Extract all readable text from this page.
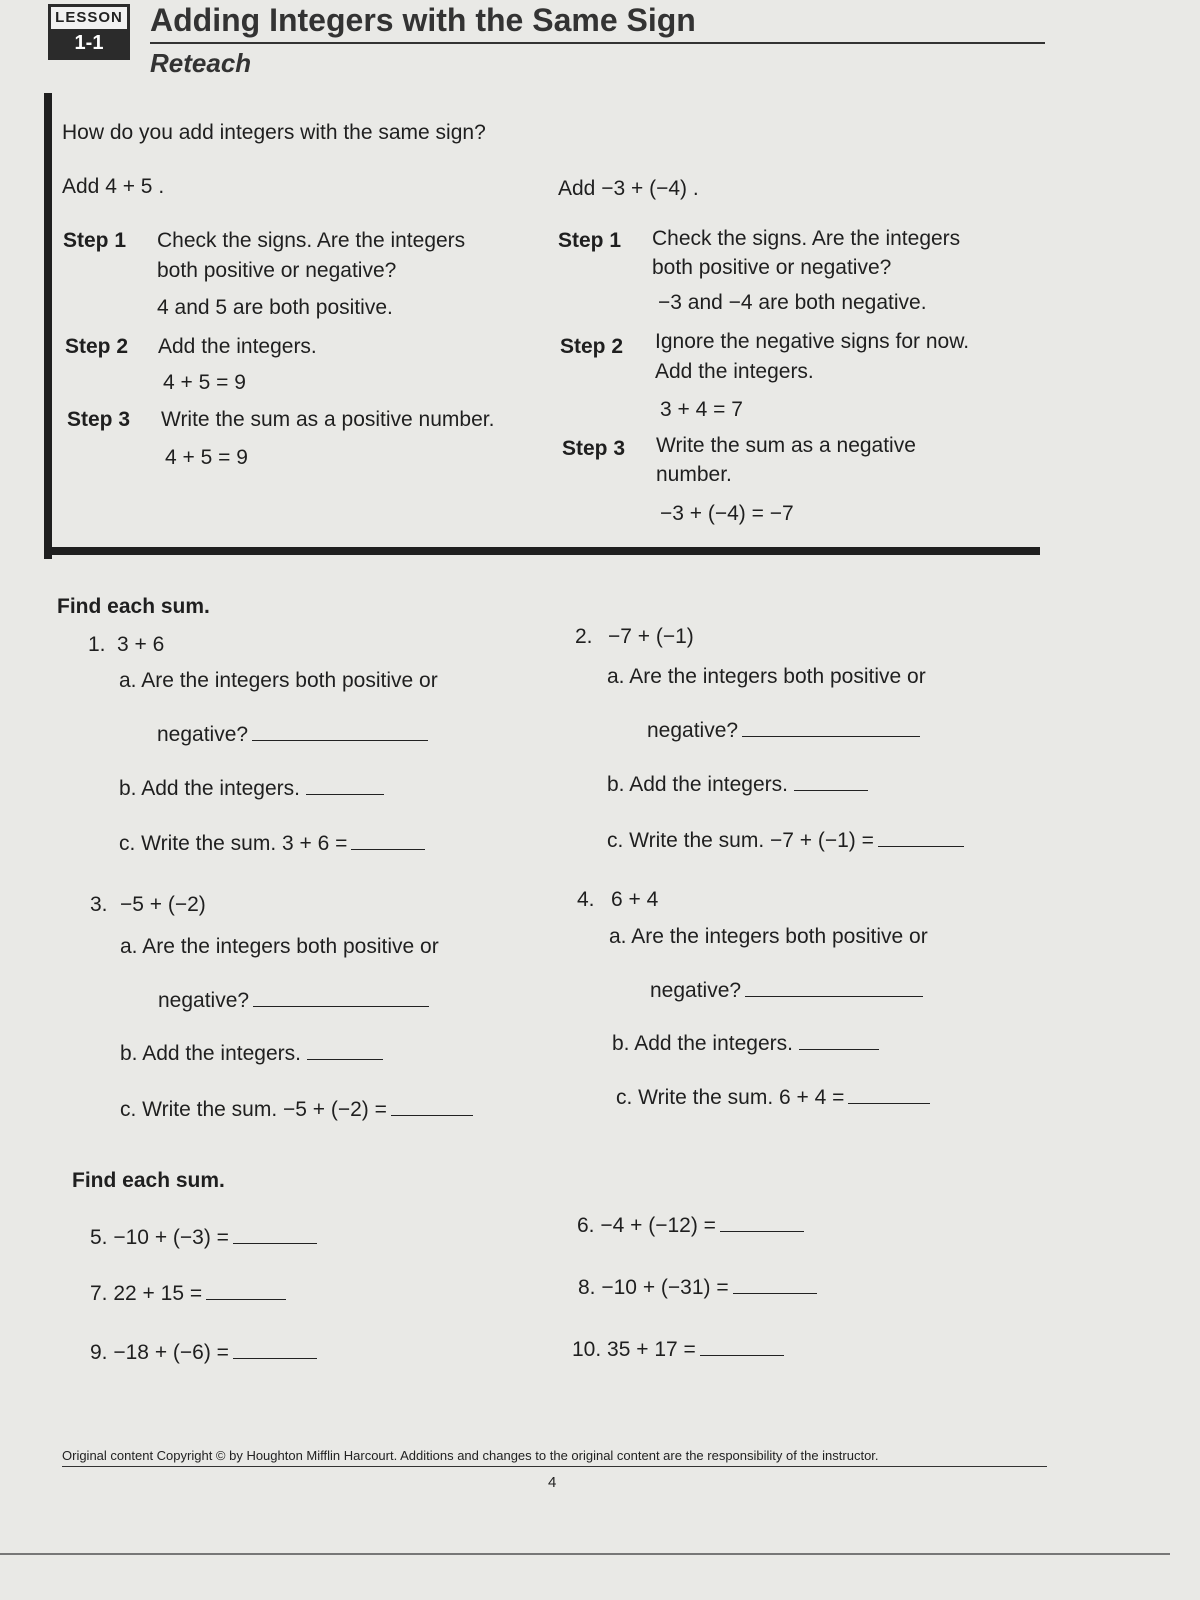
LESSON
1-1
Adding Integers with the Same Sign
Reteach
How do you add integers with the same sign?
Add 4 + 5 .
Step 1 Check the signs. Are the integers
both positive or negative?
4 and 5 are both positive.
Step 2 Add the integers.
4 + 5 = 9
Step 3 Write the sum as a positive number.
4 + 5 = 9
Add −3 + (−4) .
Step 1 Check the signs. Are the integers
both positive or negative?
−3 and −4 are both negative.
Step 2 Ignore the negative signs for now.
Add the integers.
3 + 4 = 7
Step 3 Write the sum as a negative
number.
−3 + (−4) = −7
Find each sum.
1. 3 + 6
a. Are the integers both positive or
negative?
b. Add the integers.
c. Write the sum. 3 + 6 =
2. −7 + (−1)
a. Are the integers both positive or
negative?
b. Add the integers.
c. Write the sum. −7 + (−1) =
3. −5 + (−2)
a. Are the integers both positive or
negative?
b. Add the integers.
c. Write the sum. −5 + (−2) =
4. 6 + 4
a. Are the integers both positive or
negative?
b. Add the integers.
c. Write the sum. 6 + 4 =
Find each sum.
5. −10 + (−3) =
6. −4 + (−12) =
7. 22 + 15 =	8. −10 + (−31) =
9. −18 + (−6) =	10. 35 + 17 =
Original content Copyright © by Houghton Mifflin Harcourt. Additions and changes to the original content are the responsibility of the instructor.
4
